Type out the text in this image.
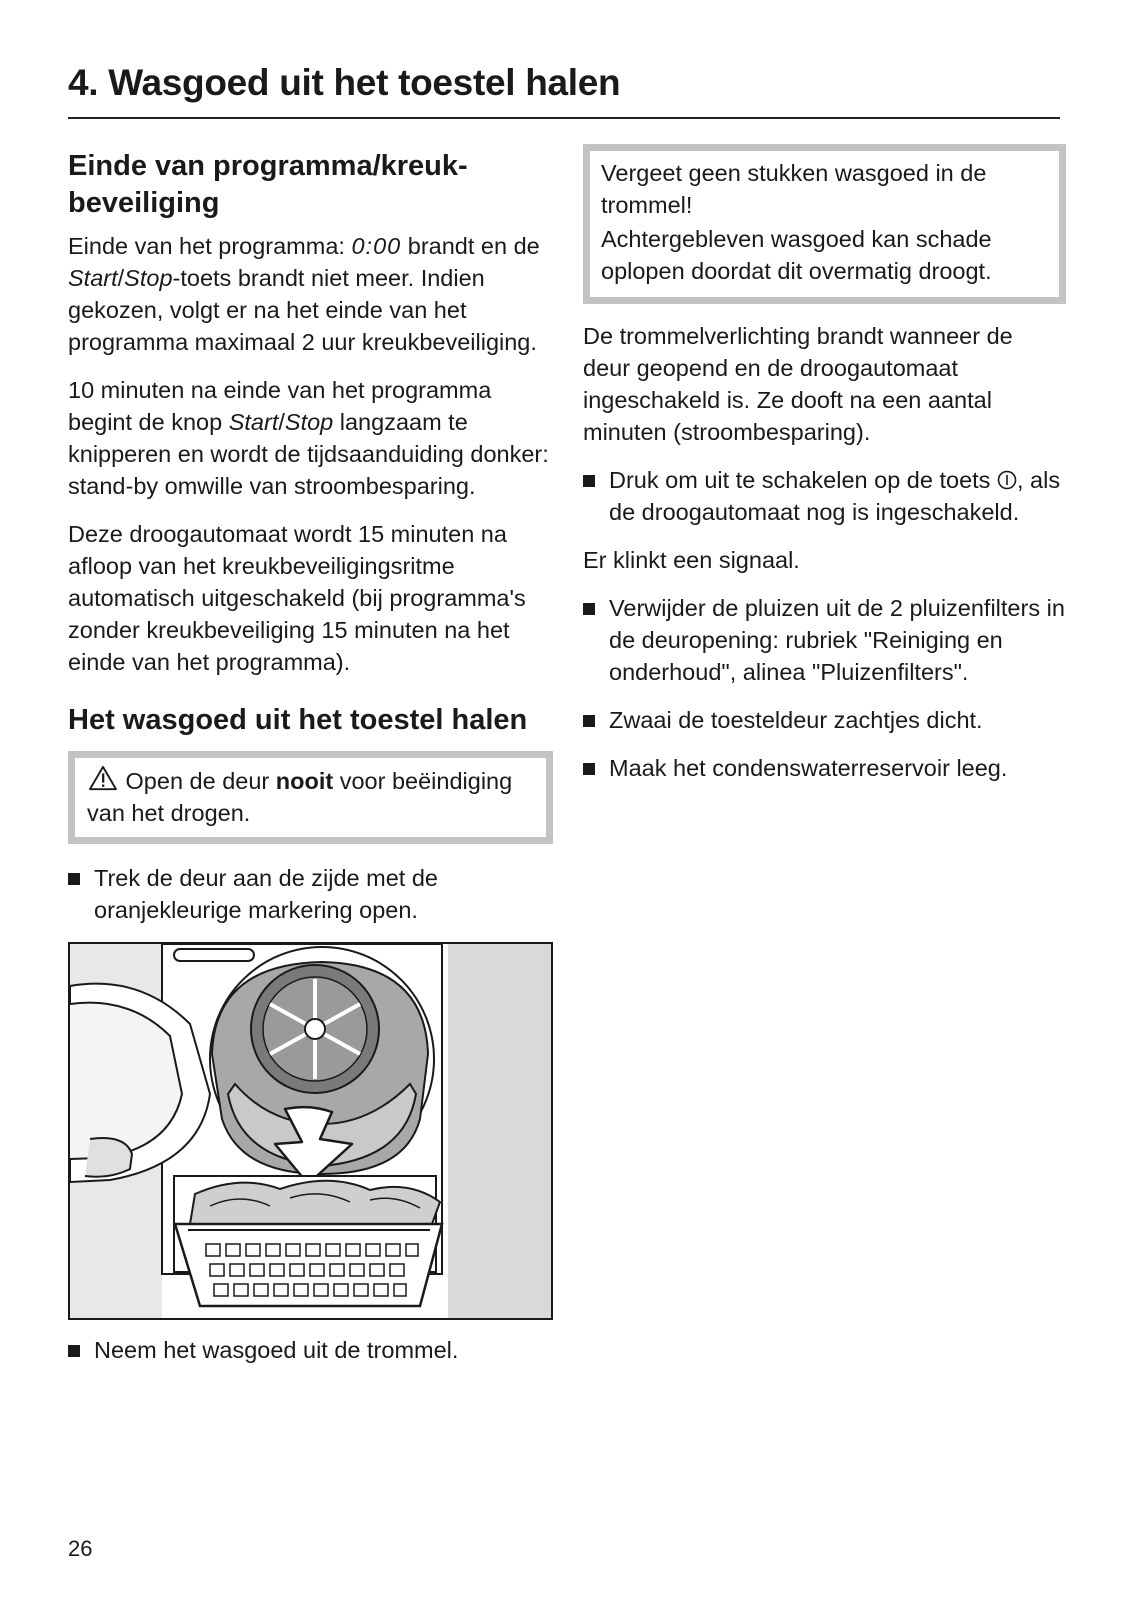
4. Wasgoed uit het toestel halen
Einde van programma/kreukbeveiliging

Einde van het programma: 0:00 brandt en de Start/Stop-toets brandt niet meer. Indien gekozen, volgt er na het einde van het programma maximaal 2 uur kreukbeveiliging.

10 minuten na einde van het programma begint de knop Start/Stop langzaam te knipperen en wordt de tijdsaanduiding donker: stand-by omwille van stroombesparing.

Deze droogautomaat wordt 15 minuten na afloop van het kreukbeveiligingsritme automatisch uitgeschakeld (bij programma's zonder kreukbeveiliging 15 minuten na het einde van het programma).

Het wasgoed uit het toestel halen

Open de deur nooit voor beëindiging van het drogen.

Trek de deur aan de zijde met de oranjekleurige markering open.
Neem het wasgoed uit de trommel.

Vergeet geen stukken wasgoed in de trommel!

Achtergebleven wasgoed kan schade oplopen doordat dit overmatig droogt.

De trommelverlichting brandt wanneer de deur geopend en de droogautomaat ingeschakeld is. Ze dooft na een aantal minuten (stroombesparing).

Druk om uit te schakelen op de toets , als de droogautomaat nog is ingeschakeld.

Er klinkt een signaal.

Verwijder de pluizen uit de 2 pluizenfilters in de deuropening: rubriek "Reiniging en onderhoud", alinea "Pluizenfilters".
Zwaai de toesteldeur zachtjes dicht.
Maak het condenswaterreservoir leeg.
26
